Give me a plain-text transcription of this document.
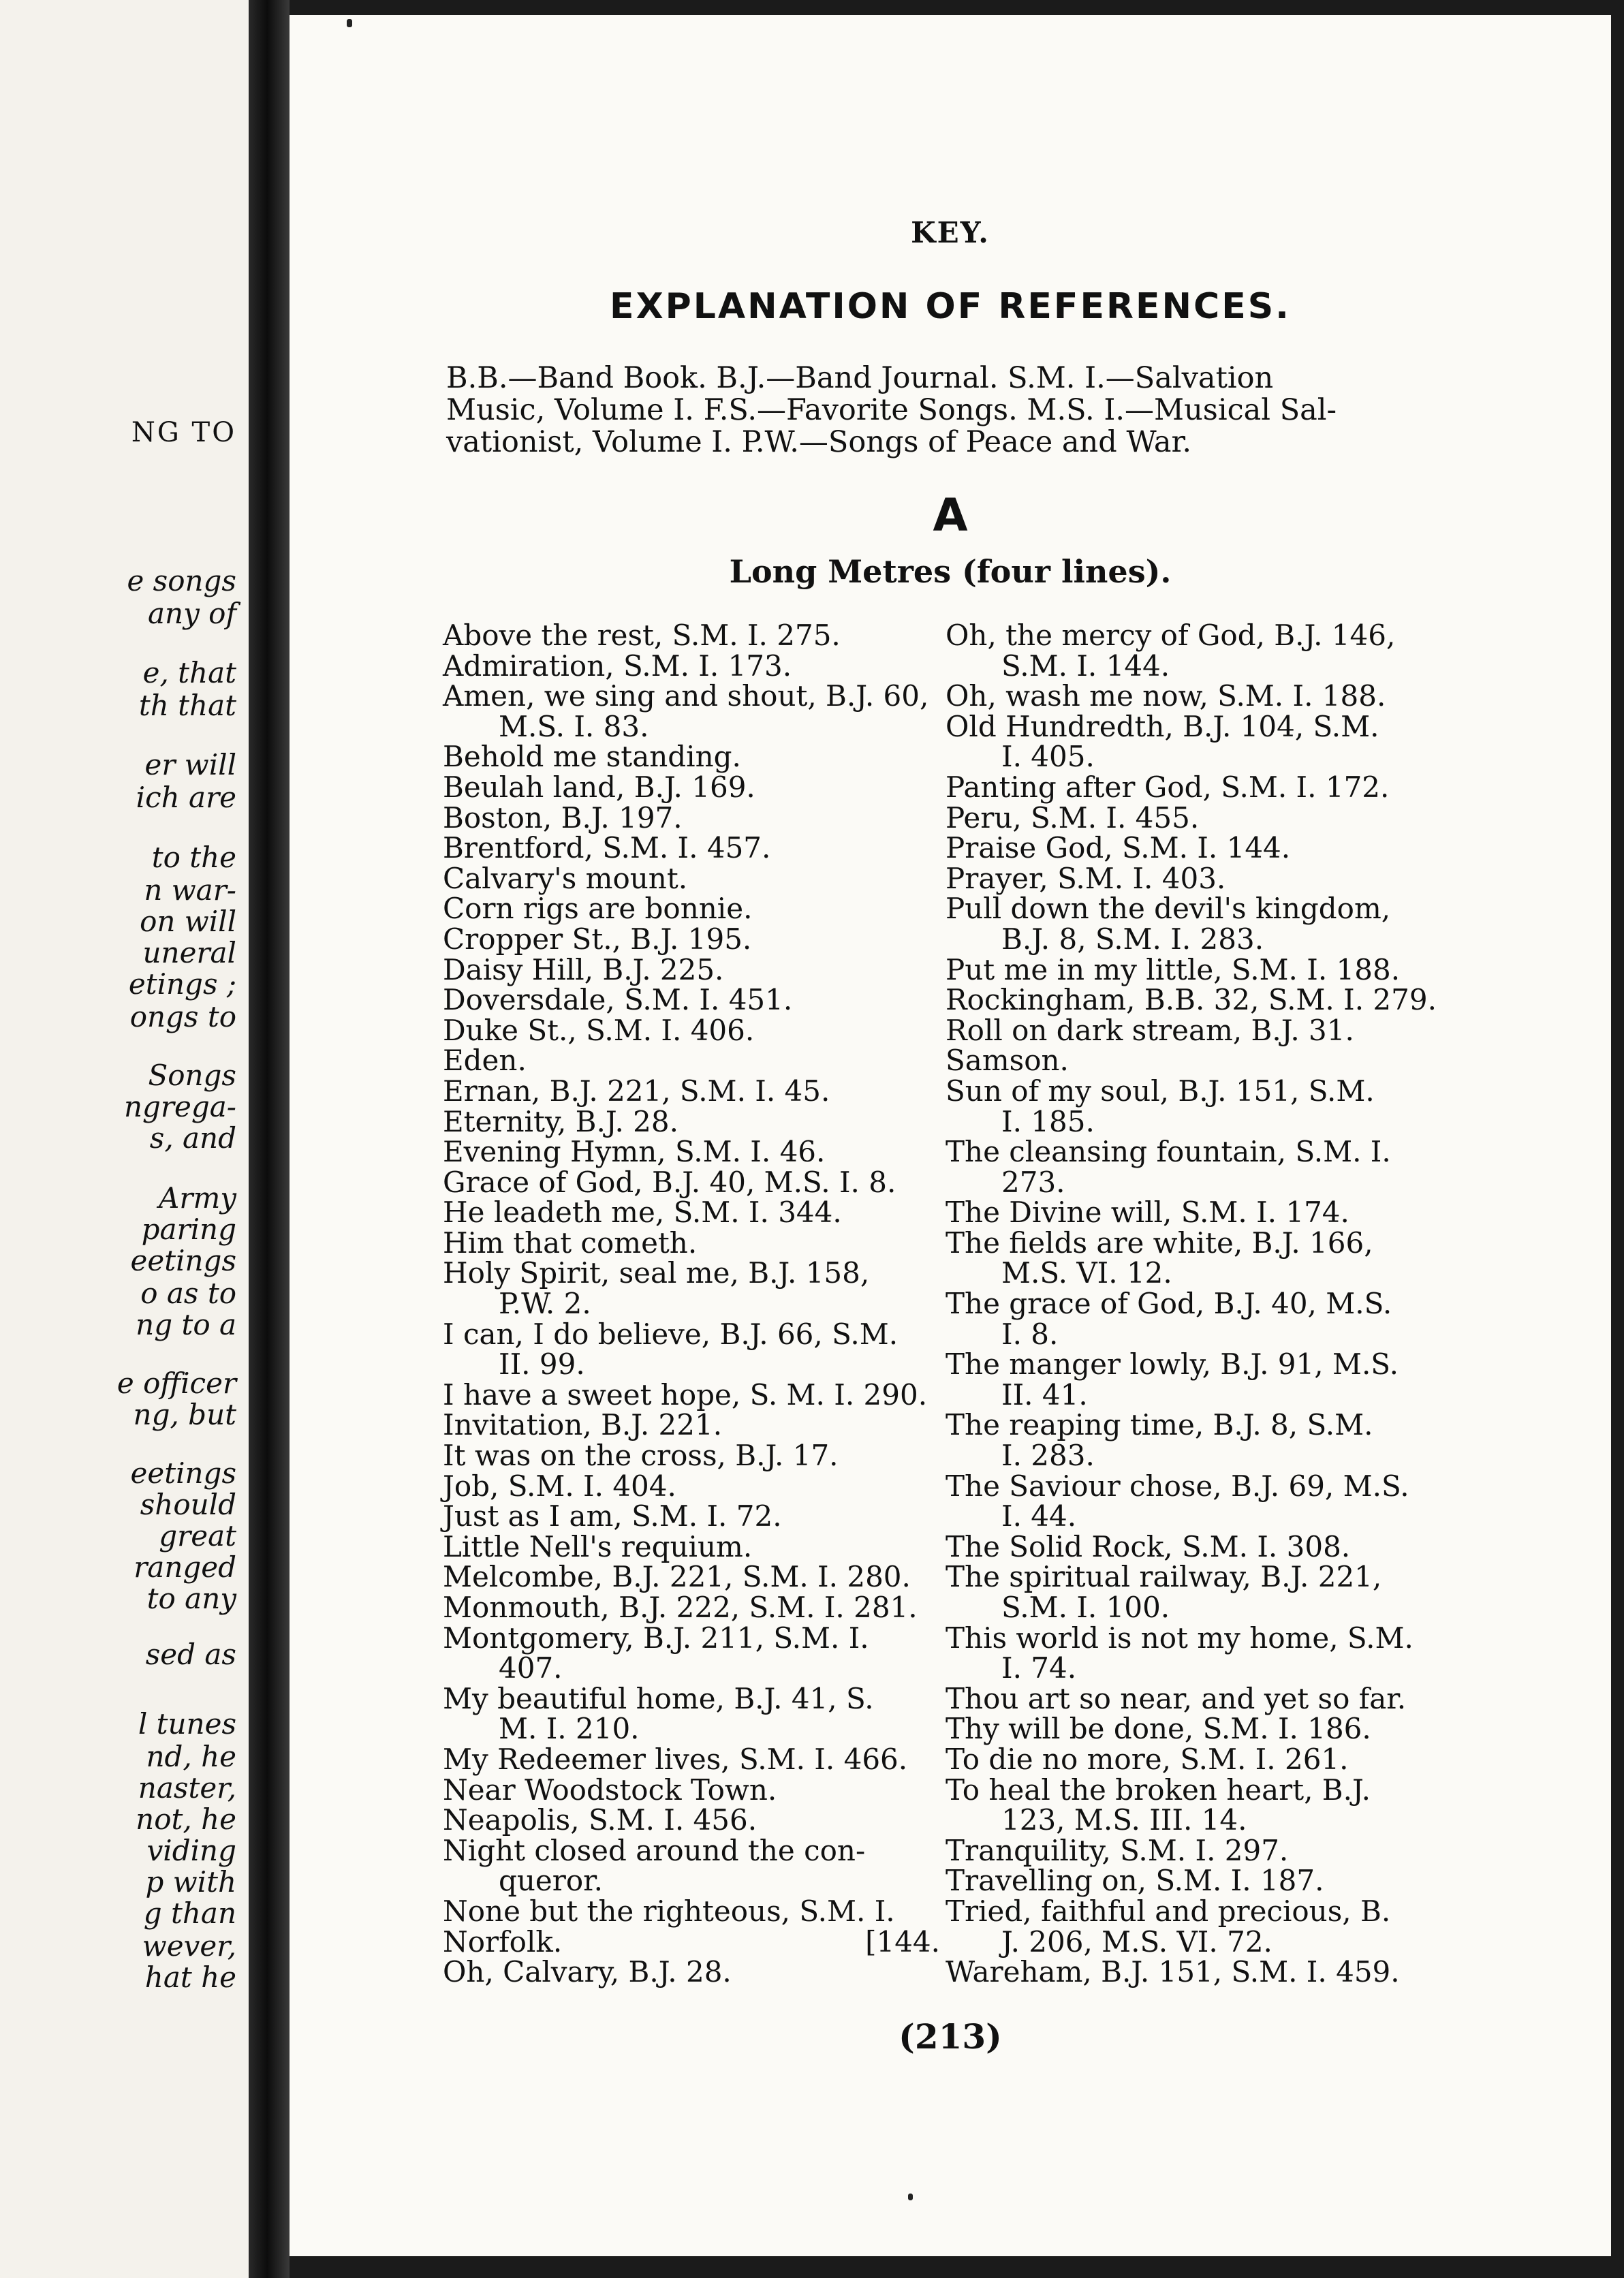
NG TO
e songs
any of
e, that
th that
er will
ich are
to the
n war-
on will
uneral
etings ;
ongs to
Songs
ngrega-
s, and
Army
paring
eetings
o as to
ng to a
e officer
ng, but
eetings
should
great
ranged
to any
sed as
l tunes
nd, he
naster,
not, he
viding
p with
g than
wever,
hat he
KEY.
EXPLANATION OF REFERENCES.
B.B.—Band Book. B.J.—Band Journal. S.M. I.—Salvation
Music, Volume I. F.S.—Favorite Songs. M.S. I.—Musical Sal-
vationist, Volume I. P.W.—Songs of Peace and War.
A
Long Metres (four lines).
Above the rest, S.M. I. 275.
Admiration, S.M. I. 173.
Amen, we sing and shout, B.J. 60,
M.S. I. 83.
Behold me standing.
Beulah land, B.J. 169.
Boston, B.J. 197.
Brentford, S.M. I. 457.
Calvary's mount.
Corn rigs are bonnie.
Cropper St., B.J. 195.
Daisy Hill, B.J. 225.
Doversdale, S.M. I. 451.
Duke St., S.M. I. 406.
Eden.
Ernan, B.J. 221, S.M. I. 45.
Eternity, B.J. 28.
Evening Hymn, S.M. I. 46.
Grace of God, B.J. 40, M.S. I. 8.
He leadeth me, S.M. I. 344.
Him that cometh.
Holy Spirit, seal me, B.J. 158,
P.W. 2.
I can, I do believe, B.J. 66, S.M.
II. 99.
I have a sweet hope, S. M. I. 290.
Invitation, B.J. 221.
It was on the cross, B.J. 17.
Job, S.M. I. 404.
Just as I am, S.M. I. 72.
Little Nell's requium.
Melcombe, B.J. 221, S.M. I. 280.
Monmouth, B.J. 222, S.M. I. 281.
Montgomery, B.J. 211, S.M. I.
407.
My beautiful home, B.J. 41, S.
M. I. 210.
My Redeemer lives, S.M. I. 466.
Near Woodstock Town.
Neapolis, S.M. I. 456.
Night closed around the con-
queror.
None but the righteous, S.M. I.
Norfolk.	[144.
Oh, Calvary, B.J. 28.
Oh, the mercy of God, B.J. 146,
S.M. I. 144.
Oh, wash me now, S.M. I. 188.
Old Hundredth, B.J. 104, S.M.
I. 405.
Panting after God, S.M. I. 172.
Peru, S.M. I. 455.
Praise God, S.M. I. 144.
Prayer, S.M. I. 403.
Pull down the devil's kingdom,
B.J. 8, S.M. I. 283.
Put me in my little, S.M. I. 188.
Rockingham, B.B. 32, S.M. I. 279.
Roll on dark stream, B.J. 31.
Samson.
Sun of my soul, B.J. 151, S.M.
I. 185.
The cleansing fountain, S.M. I.
273.
The Divine will, S.M. I. 174.
The fields are white, B.J. 166,
M.S. VI. 12.
The grace of God, B.J. 40, M.S.
I. 8.
The manger lowly, B.J. 91, M.S.
II. 41.
The reaping time, B.J. 8, S.M.
I. 283.
The Saviour chose, B.J. 69, M.S.
I. 44.
The Solid Rock, S.M. I. 308.
The spiritual railway, B.J. 221,
S.M. I. 100.
This world is not my home, S.M.
I. 74.
Thou art so near, and yet so far.
Thy will be done, S.M. I. 186.
To die no more, S.M. I. 261.
To heal the broken heart, B.J.
123, M.S. III. 14.
Tranquility, S.M. I. 297.
Travelling on, S.M. I. 187.
Tried, faithful and precious, B.
J. 206, M.S. VI. 72.
Wareham, B.J. 151, S.M. I. 459.
(213)
